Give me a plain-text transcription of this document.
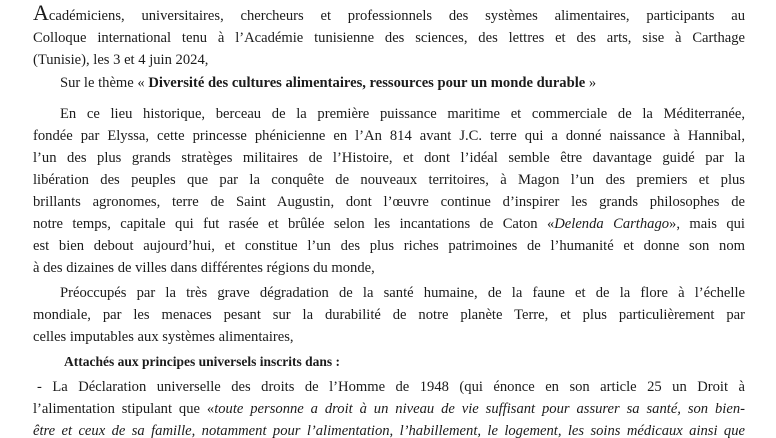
Académiciens, universitaires, chercheurs et professionnels des systèmes alimentaires, participants au
Colloque international tenu à l’Académie tunisienne des sciences, des lettres et des arts, sise à Carthage
(Tunisie), les 3 et 4 juin 2024,
Sur le thème « Diversité des cultures alimentaires, ressources pour un monde durable »
En ce lieu historique, berceau de la première puissance maritime et commerciale de la Méditerranée,
fondée par Elyssa, cette princesse phénicienne en l’An 814 avant J.C. terre qui a donné naissance à Hannibal,
l’un des plus grands stratèges militaires de l’Histoire, et dont l’idéal semble être davantage guidé par la
libération des peuples que par la conquête de nouveaux territoires, à Magon l’un des premiers et plus
brillants agronomes, terre de Saint Augustin, dont l’œuvre continue d’inspirer les grands philosophes de
notre temps, capitale qui fut rasée et brûlée selon les incantations de Caton «Delenda Carthago», mais qui
est bien debout aujourd’hui, et constitue l’un des plus riches patrimoines de l’humanité et donne son nom
à des dizaines de villes dans différentes régions du monde,
Préoccupés par la très grave dégradation de la santé humaine, de la faune et de la flore à l’échelle
mondiale, par les menaces pesant sur la durabilité de notre planète Terre, et plus particulièrement par
celles imputables aux systèmes alimentaires,
Attachés aux principes universels inscrits dans :
- La Déclaration universelle des droits de l’Homme de 1948 (qui énonce en son article 25 un Droit à
l’alimentation stipulant que «toute personne a droit à un niveau de vie suffisant pour assurer sa santé, son bien-
être et ceux de sa famille, notamment pour l’alimentation, l’habillement, le logement, les soins médicaux ainsi que
